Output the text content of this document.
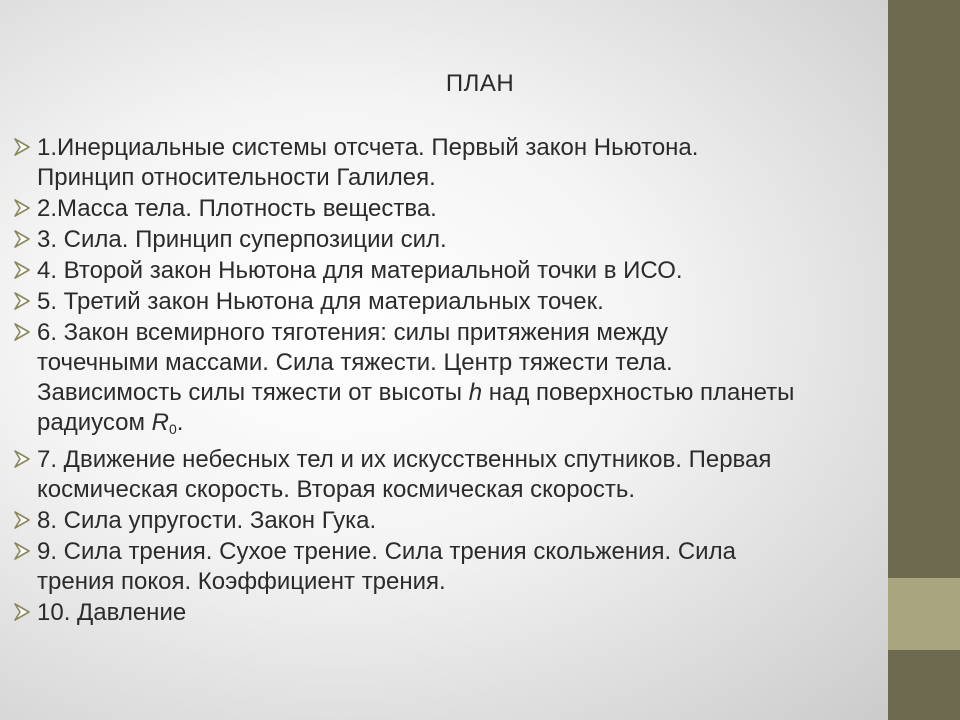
ПЛАН
1.Инерциальные системы отсчета. Первый закон Ньютона.
Принцип относительности Галилея.
2.Масса тела. Плотность вещества.
3. Сила. Принцип суперпозиции сил.
4. Второй закон Ньютона для материальной точки в ИСО.
5. Третий закон Ньютона для материальных точек.
6. Закон всемирного тяготения: силы притяжения между
точечными массами. Сила тяжести. Центр тяжести тела.
Зависимость силы тяжести от высоты h над поверхностью планеты
радиусом $R_0$.
7. Движение небесных тел и их искусственных спутников. Первая
космическая скорость. Вторая космическая скорость.
8. Сила упругости. Закон Гука.
9. Сила трения. Сухое трение. Сила трения скольжения. Сила
трения покоя. Коэффициент трения.
10. Давление
